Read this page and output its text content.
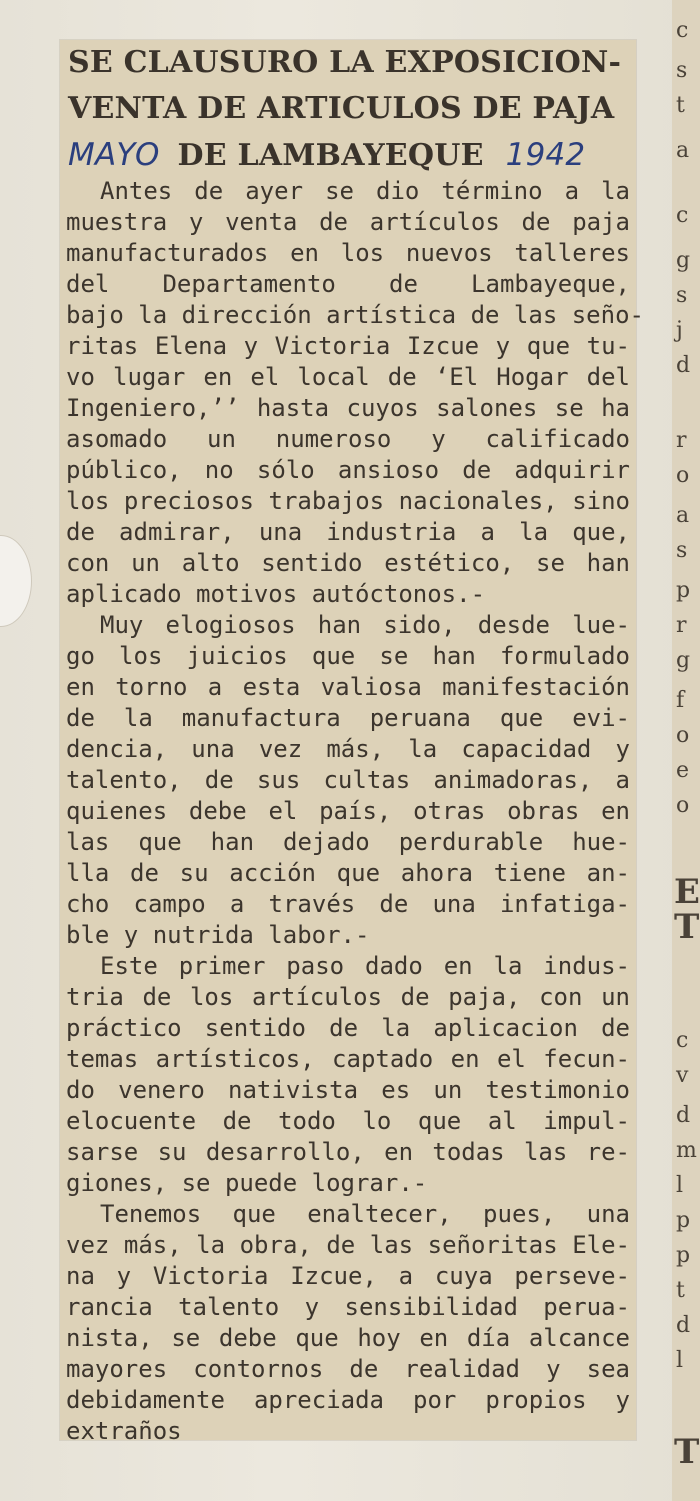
SE CLAUSURO LA EXPOSICION-
VENTA DE ARTICULOS DE PAJA
MAYO DE LAMBAYEQUE 1942
Antes de ayer se dio término a la
muestra y venta de artículos de paja
manufacturados en los nuevos talleres
del Departamento de Lambayeque,
bajo la dirección artística de las seño-
ritas Elena y Victoria Izcue y que tu-
vo lugar en el local de ‘El Hogar del
Ingeniero,’’ hasta cuyos salones se ha
asomado un numeroso y calificado
público, no sólo ansioso de adquirir
los preciosos trabajos nacionales, sino
de admirar, una industria a la que,
con un alto sentido estético, se han
aplicado motivos autóctonos.-
Muy elogiosos han sido, desde lue-
go los juicios que se han formulado
en torno a esta valiosa manifestación
de la manufactura peruana que evi-
dencia, una vez más, la capacidad y
talento, de sus cultas animadoras, a
quienes debe el país, otras obras en
las que han dejado perdurable hue-
lla de su acción que ahora tiene an-
cho campo a través de una infatiga-
ble y nutrida labor.-
Este primer paso dado en la indus-
tria de los artículos de paja, con un
práctico sentido de la aplicacion de
temas artísticos, captado en el fecun-
do venero nativista es un testimonio
elocuente de todo lo que al impul-
sarse su desarrollo, en todas las re-
giones, se puede lograr.-
Tenemos que enaltecer, pues, una
vez más, la obra, de las señoritas Ele-
na y Victoria Izcue, a cuya perseve-
rancia talento y sensibilidad perua-
nista, se debe que hoy en día alcance
mayores contornos de realidad y sea
debidamente apreciada por propios y
extraños
c
s
t
a
c
g
s
j
d
r
o
a
s
p
r
g
f
o
e
o
E
T
c
v
d
m
l
p
p
t
d
l
T
